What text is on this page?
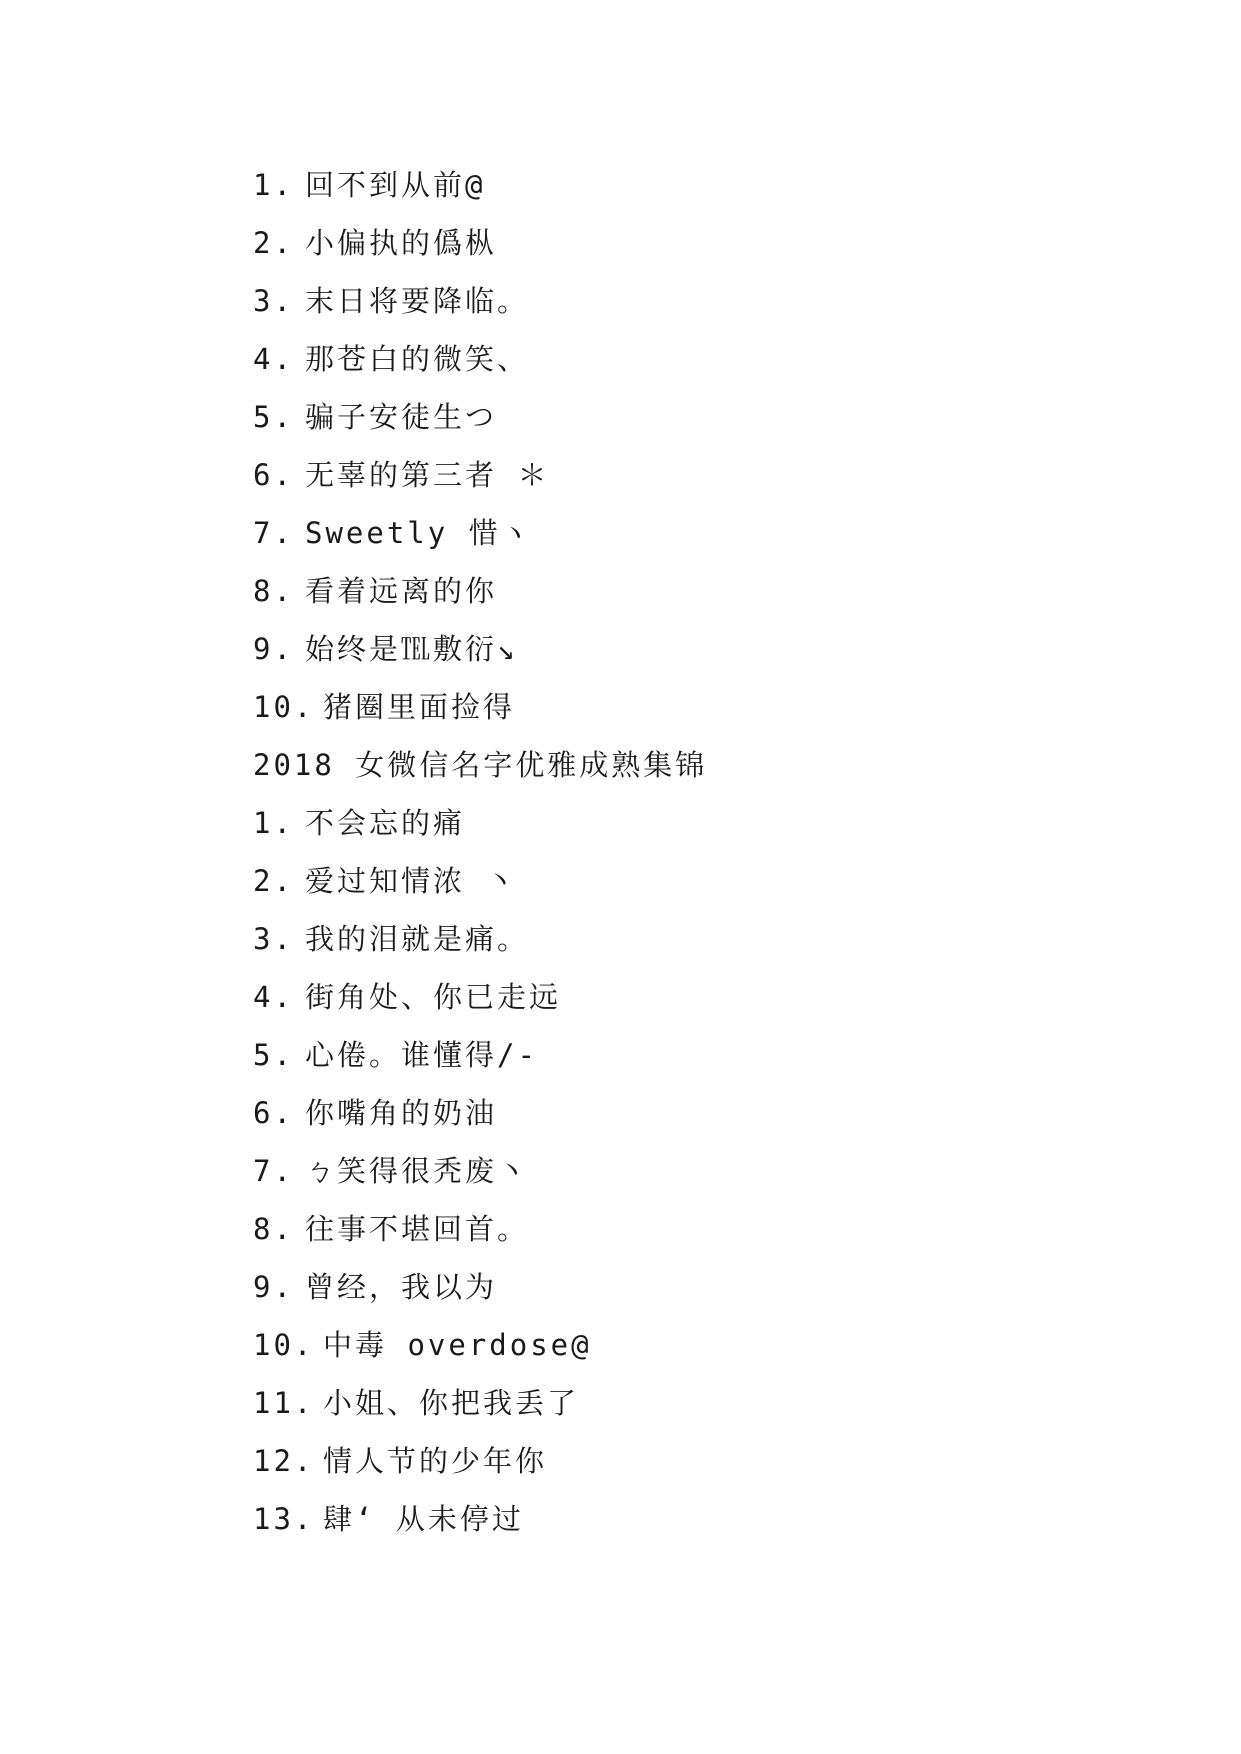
1. 回不到从前@
2. 小偏执的僞枞
3. 末日将要降临。
4. 那苍白的微笑、
5. 骗子安徒生つ
6. 无辜的第三者 ＊
7. Sweetly 惜ヽ
8. 看着远离的你
9. 始终是℡敷衍↘
10. 猪圈里面捡得
2018 女微信名字优雅成熟集锦
1. 不会忘的痛
2. 爱过知情浓 丶
3. 我的泪就是痛。
4. 街角处、你已走远
5. 心倦。谁懂得/-
6. 你嘴角的奶油
7. ㄅ笑得很秃废丶
8. 往事不堪回首。
9. 曾经，我以为
10. 中毒 overdose@
11. 小姐、你把我丢了
12. 情人节的少年你
13. 肆‘ 从未停过
